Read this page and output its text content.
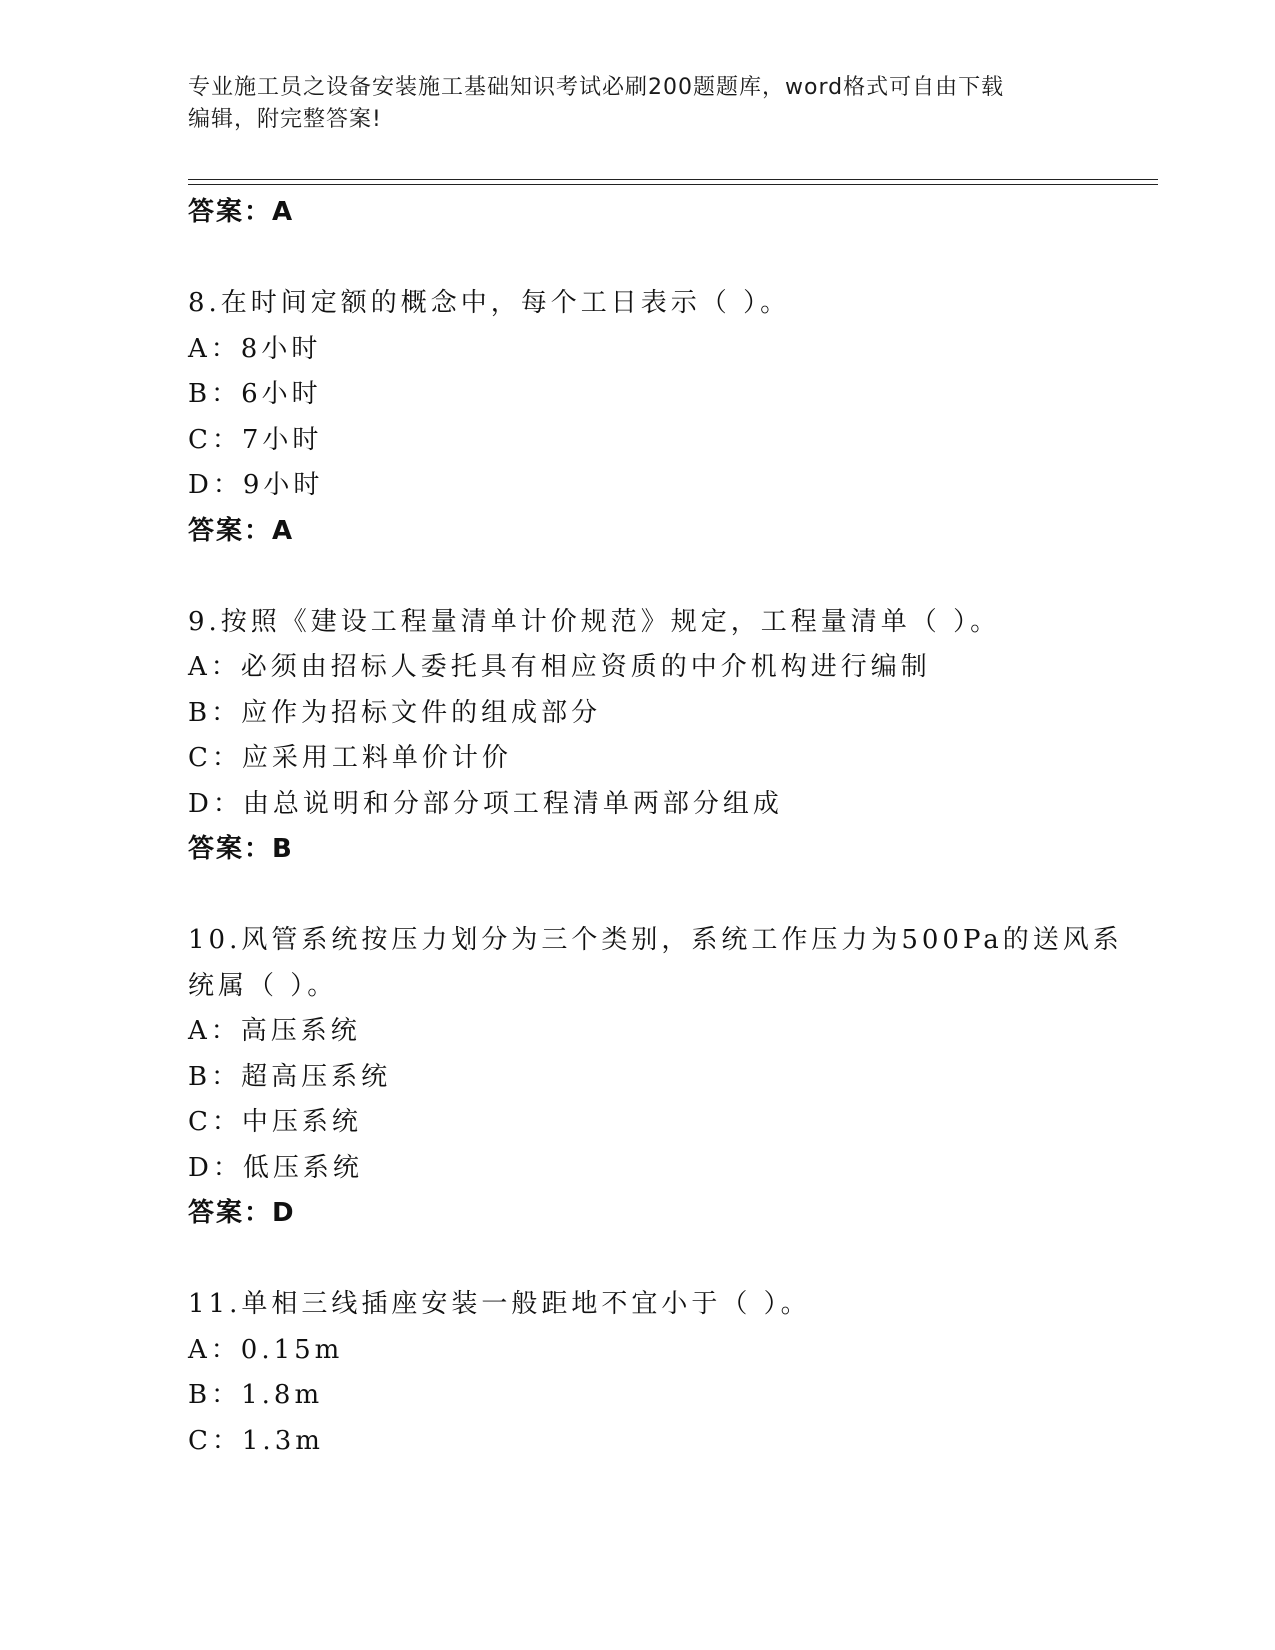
专业施工员之设备安装施工基础知识考试必刷200题题库，word格式可自由下载
编辑，附完整答案!
答案：A
8.在时间定额的概念中，每个工日表示（ ）。
A：8小时
B：6小时
C：7小时
D：9小时
答案：A
9.按照《建设工程量清单计价规范》规定，工程量清单（ ）。
A：必须由招标人委托具有相应资质的中介机构进行编制
B：应作为招标文件的组成部分
C：应采用工料单价计价
D：由总说明和分部分项工程清单两部分组成
答案：B
10.风管系统按压力划分为三个类别，系统工作压力为500Pa的送风系
统属（ ）。
A：高压系统
B：超高压系统
C：中压系统
D：低压系统
答案：D
11.单相三线插座安装一般距地不宜小于（ ）。
A：0.15m
B：1.8m
C：1.3m
